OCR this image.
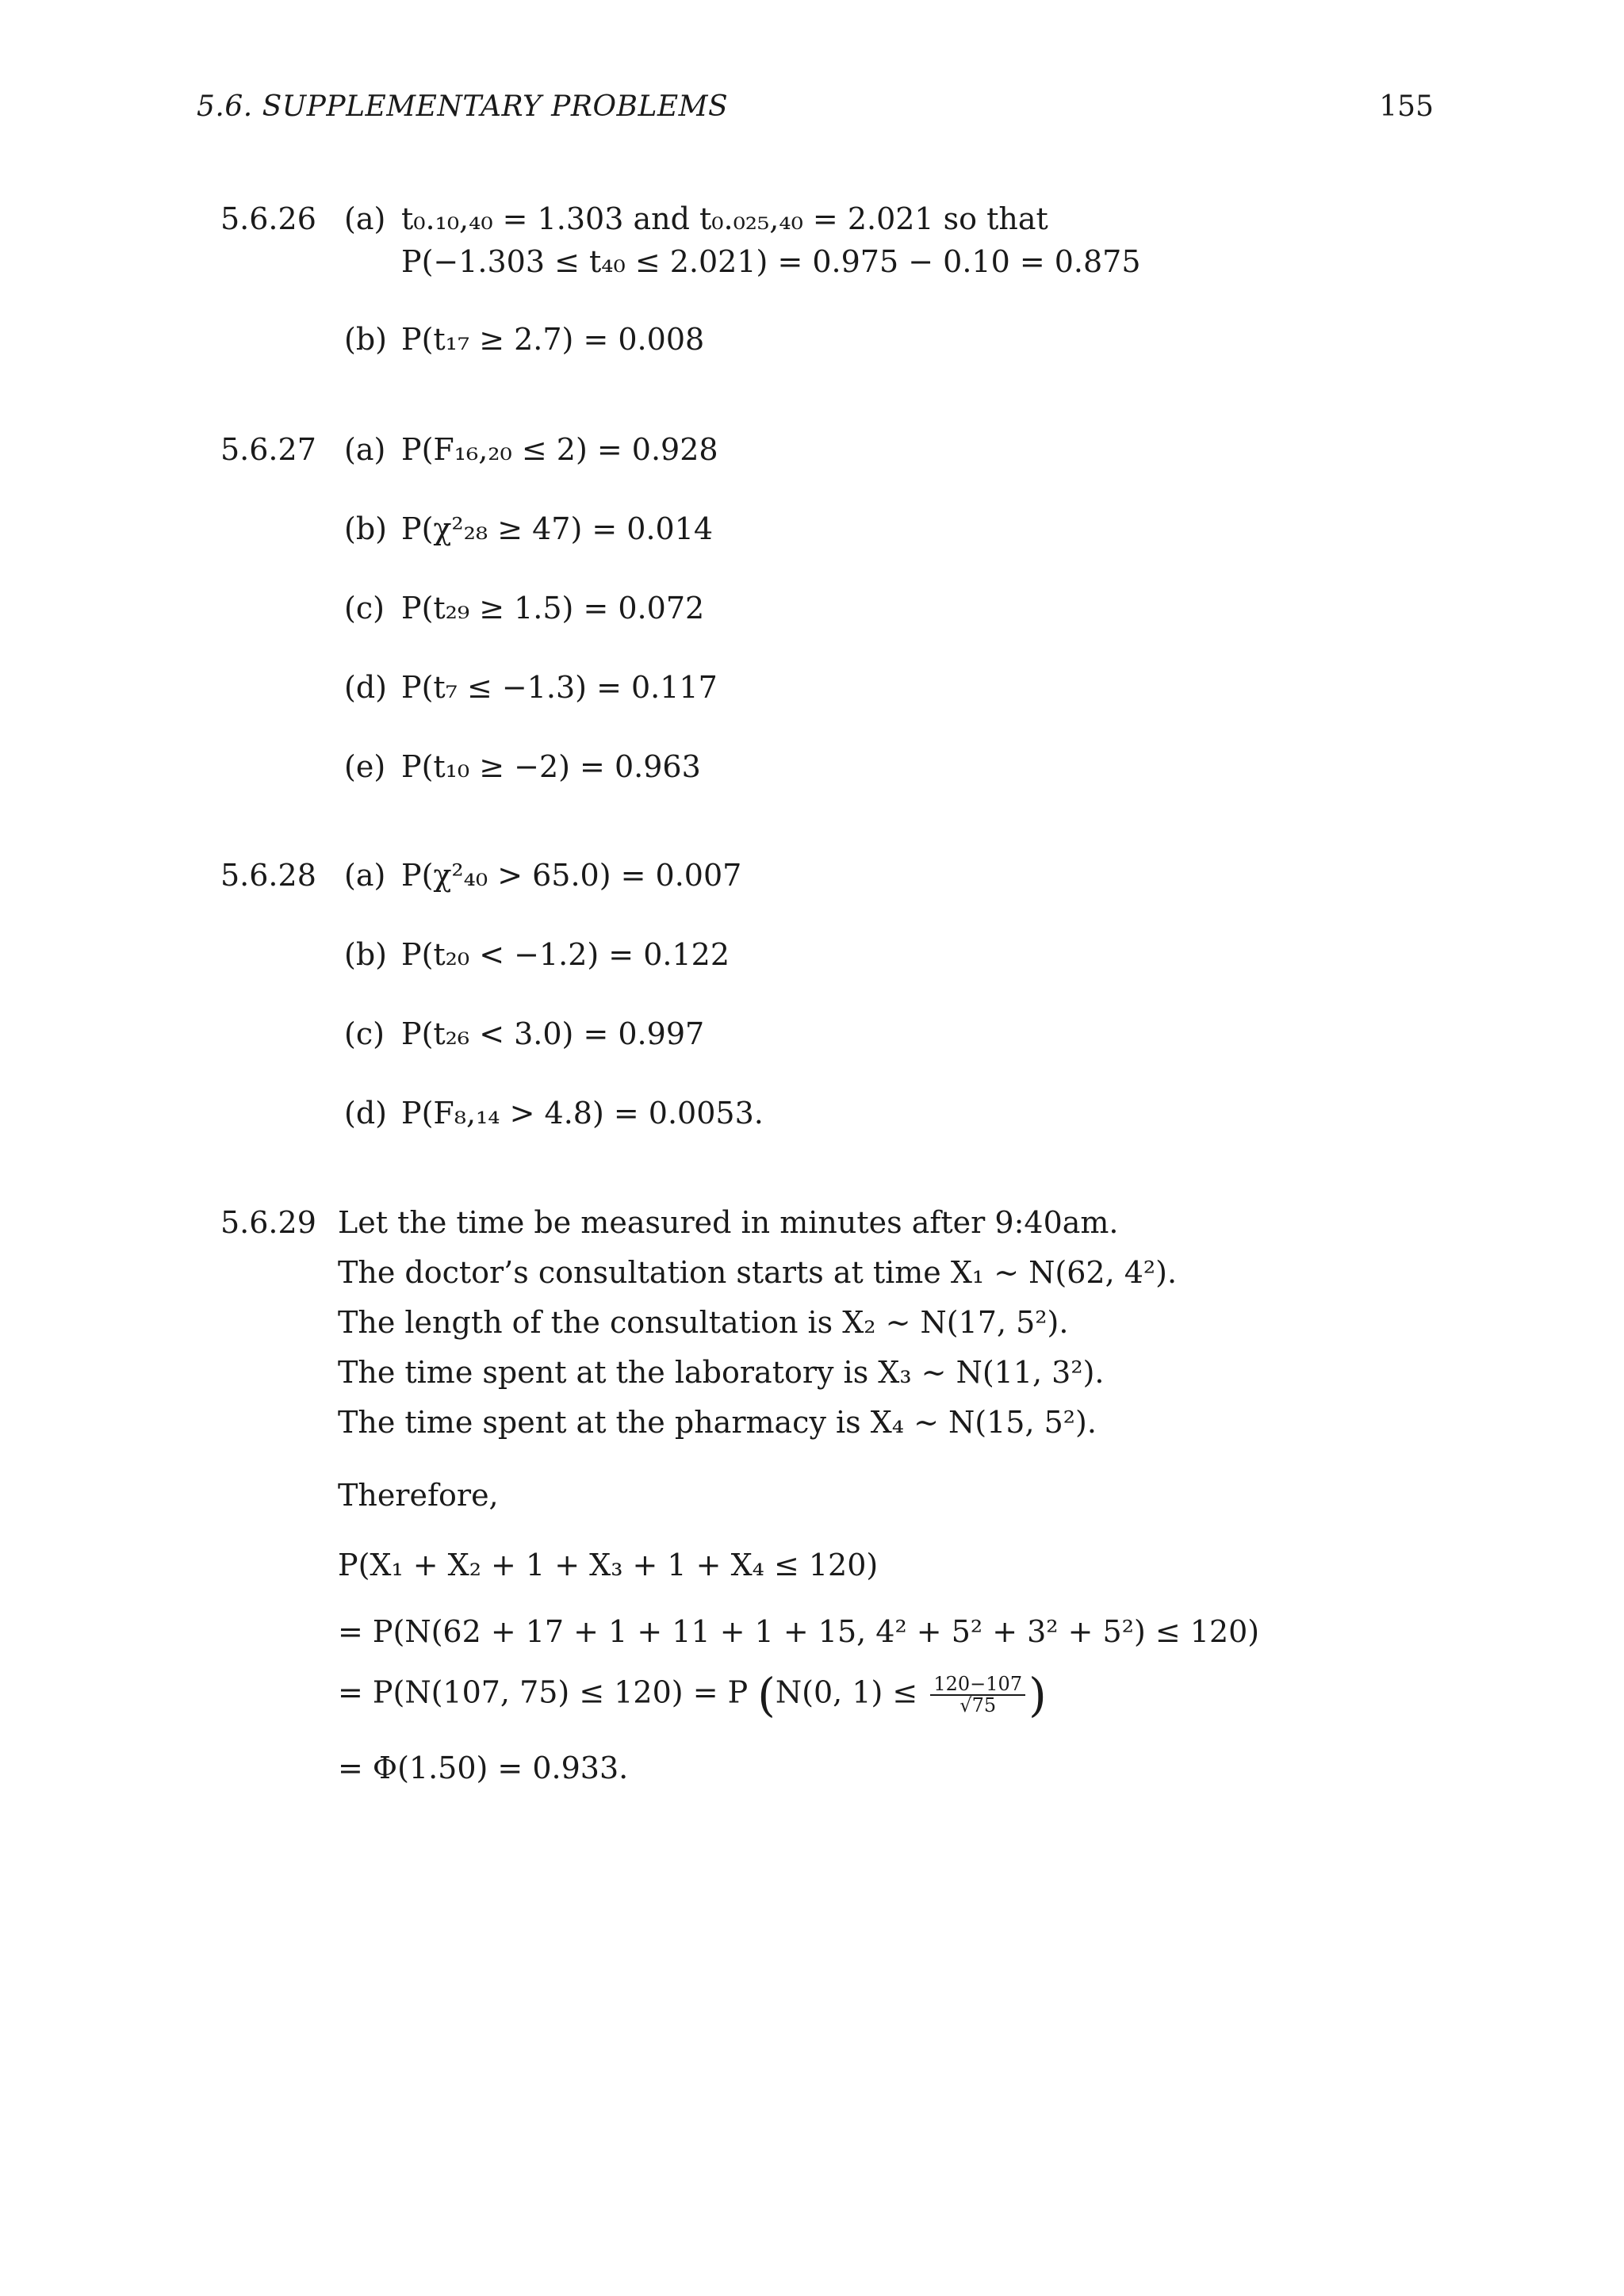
5.6. SUPPLEMENTARY PROBLEMS	155
5.6.26 (a) t₀.₁₀,₄₀ = 1.303 and t₀.₀₂₅,₄₀ = 2.021 so that
P(−1.303 ≤ t₄₀ ≤ 2.021) = 0.975 − 0.10 = 0.875
(b) P(t₁₇ ≥ 2.7) = 0.008
5.6.27 (a) P(F₁₆,₂₀ ≤ 2) = 0.928
(b) P(χ²₂₈ ≥ 47) = 0.014
(c) P(t₂₉ ≥ 1.5) = 0.072
(d) P(t₇ ≤ −1.3) = 0.117
(e) P(t₁₀ ≥ −2) = 0.963
5.6.28 (a) P(χ²₄₀ > 65.0) = 0.007
(b) P(t₂₀ < −1.2) = 0.122
(c) P(t₂₆ < 3.0) = 0.997
(d) P(F₈,₁₄ > 4.8) = 0.0053.
5.6.29 Let the time be measured in minutes after 9:40am.
The doctor’s consultation starts at time X₁ ∼ N(62, 4²).
The length of the consultation is X₂ ∼ N(17, 5²).
The time spent at the laboratory is X₃ ∼ N(11, 3²).
The time spent at the pharmacy is X₄ ∼ N(15, 5²).
Therefore,
P(X₁ + X₂ + 1 + X₃ + 1 + X₄ ≤ 120)
= P(N(62 + 17 + 1 + 11 + 1 + 15, 4² + 5² + 3² + 5²) ≤ 120)
= P(N(107, 75) ≤ 120) = P (N(0, $1) \le \frac{120-107}{√75}$ )
= Φ(1.50) = 0.933.
